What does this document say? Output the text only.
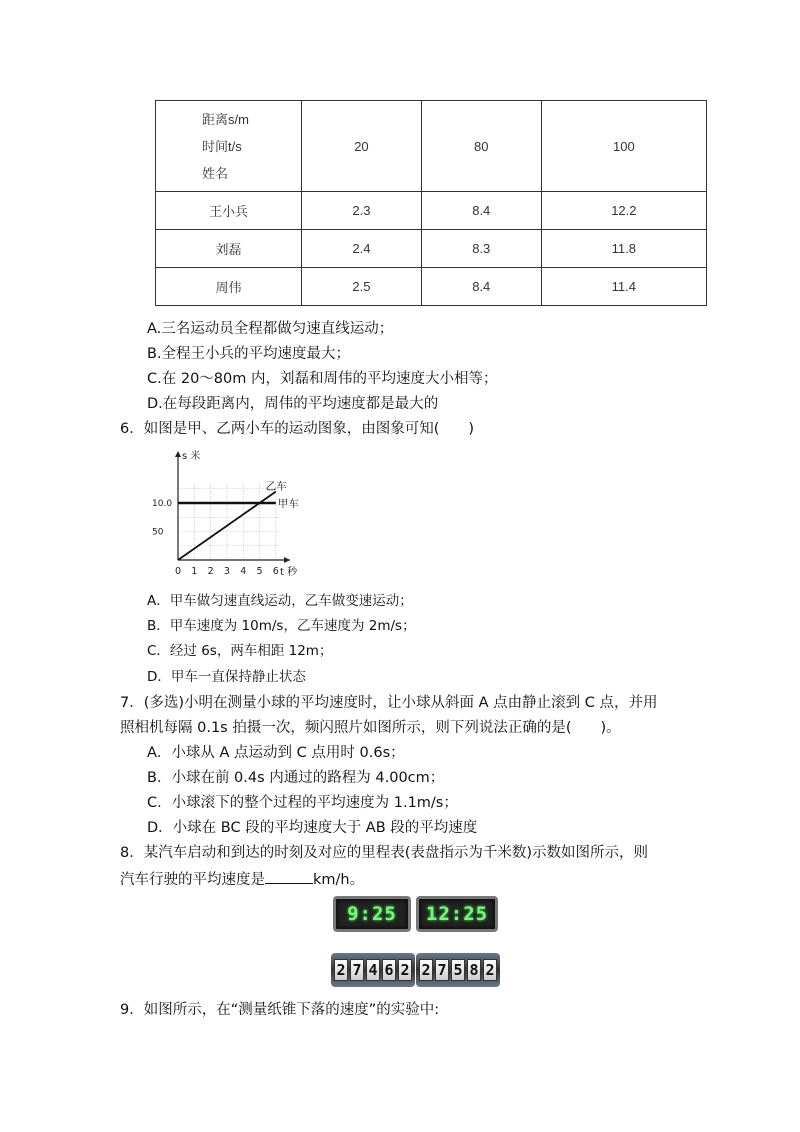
距离s/m
时间t/s
姓名	20	80	100
王小兵	2.3	8.4	12.2
刘磊	2.4	8.3	11.8
周伟	2.5	8.4	11.4
A.三名运动员全程都做匀速直线运动；
B.全程王小兵的平均速度最大；
C.在 20～80m 内，刘磊和周伟的平均速度大小相等；
D.在每段距离内，周伟的平均速度都是最大的
6．如图是甲、乙两小车的运动图象，由图象可知(　　)
0 1 2 3 4 5 6
50
10.0
s 米
t 秒
甲车
乙车
A．甲车做匀速直线运动，乙车做变速运动；
B．甲车速度为 10m/s，乙车速度为 2m/s；
C．经过 6s，两车相距 12m；
D．甲车一直保持静止状态
7．(多选)小明在测量小球的平均速度时，让小球从斜面 A 点由静止滚到 C 点，并用
照相机每隔 0.1s 拍摄一次，频闪照片如图所示，则下列说法正确的是(　　)。
A．小球从 A 点运动到 C 点用时 0.6s；
B．小球在前 0.4s 内通过的路程为 4.00cm；
C．小球滚下的整个过程的平均速度为 1.1m/s；
D．小球在 BC 段的平均速度大于 AB 段的平均速度
8．某汽车启动和到达的时刻及对应的里程表(表盘指示为千米数)示数如图所示，则
汽车行驶的平均速度是	km/h。
9:25 12:25
2 7 4 6 2 2 7 5 8 2
9．如图所示，在“测量纸锥下落的速度”的实验中:
